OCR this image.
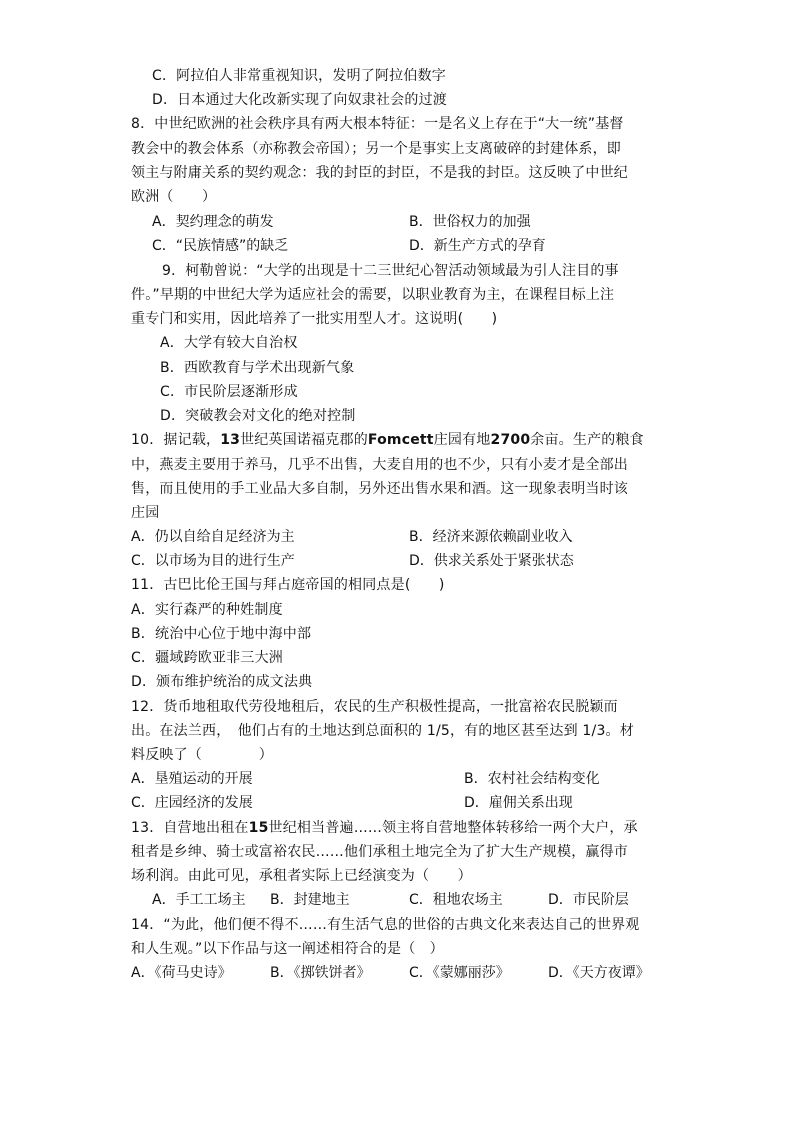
C．阿拉伯人非常重视知识，发明了阿拉伯数字

D．日本通过大化改新实现了向奴隶社会的过渡

8．中世纪欧洲的社会秩序具有两大根本特征：一是名义上存在于“大一统”基督

教会中的教会体系（亦称教会帝国）；另一个是事实上支离破碎的封建体系，即

领主与附庸关系的契约观念：我的封臣的封臣，不是我的封臣。这反映了中世纪

欧洲（　　）

A．契约理念的萌发	B．世俗权力的加强
C．“民族情感”的缺乏	D．新生产方式的孕育

9．柯勒曾说：“大学的出现是十二三世纪心智活动领域最为引人注目的事

件。”早期的中世纪大学为适应社会的需要，以职业教育为主，在课程目标上注

重专门和实用，因此培养了一批实用型人才。这说明(　　)

A．大学有较大自治权

B．西欧教育与学术出现新气象

C．市民阶层逐渐形成

D．突破教会对文化的绝对控制

10．据记载，13世纪英国诺福克郡的Fomcett庄园有地2700余亩。生产的粮食

中，燕麦主要用于养马，几乎不出售，大麦自用的也不少，只有小麦才是全部出

售，而且使用的手工业品大多自制，另外还出售水果和酒。这一现象表明当时该

庄园

A．仍以自给自足经济为主	B．经济来源依赖副业收入
C．以市场为目的进行生产	D．供求关系处于紧张状态

11．古巴比伦王国与拜占庭帝国的相同点是(　　)

A．实行森严的种姓制度

B．统治中心位于地中海中部

C．疆域跨欧亚非三大洲

D．颁布维护统治的成文法典

12．货币地租取代劳役地租后，农民的生产积极性提高，一批富裕农民脱颖而

出。在法兰西，　他们占有的土地达到总面积的 1/5，有的地区甚至达到 1/3。材

料反映了（　　　　）

A．垦殖运动的开展	B．农村社会结构变化
C．庄园经济的发展	D．雇佣关系出现

13．自营地出租在15世纪相当普遍……领主将自营地整体转移给一两个大户，承

租者是乡绅、骑士或富裕农民……他们承租土地完全为了扩大生产规模，赢得市

场利润。由此可见，承租者实际上已经演变为（　　）

A．手工工场主 B．封建地主	C．租地农场主	D．市民阶层

14．“为此，他们便不得不……有生活气息的世俗的古典文化来表达自己的世界观

和人生观。”以下作品与这一阐述相符合的是（　）

A．《荷马史诗》	B．《掷铁饼者》	C．《蒙娜丽莎》	D．《天方夜谭》
